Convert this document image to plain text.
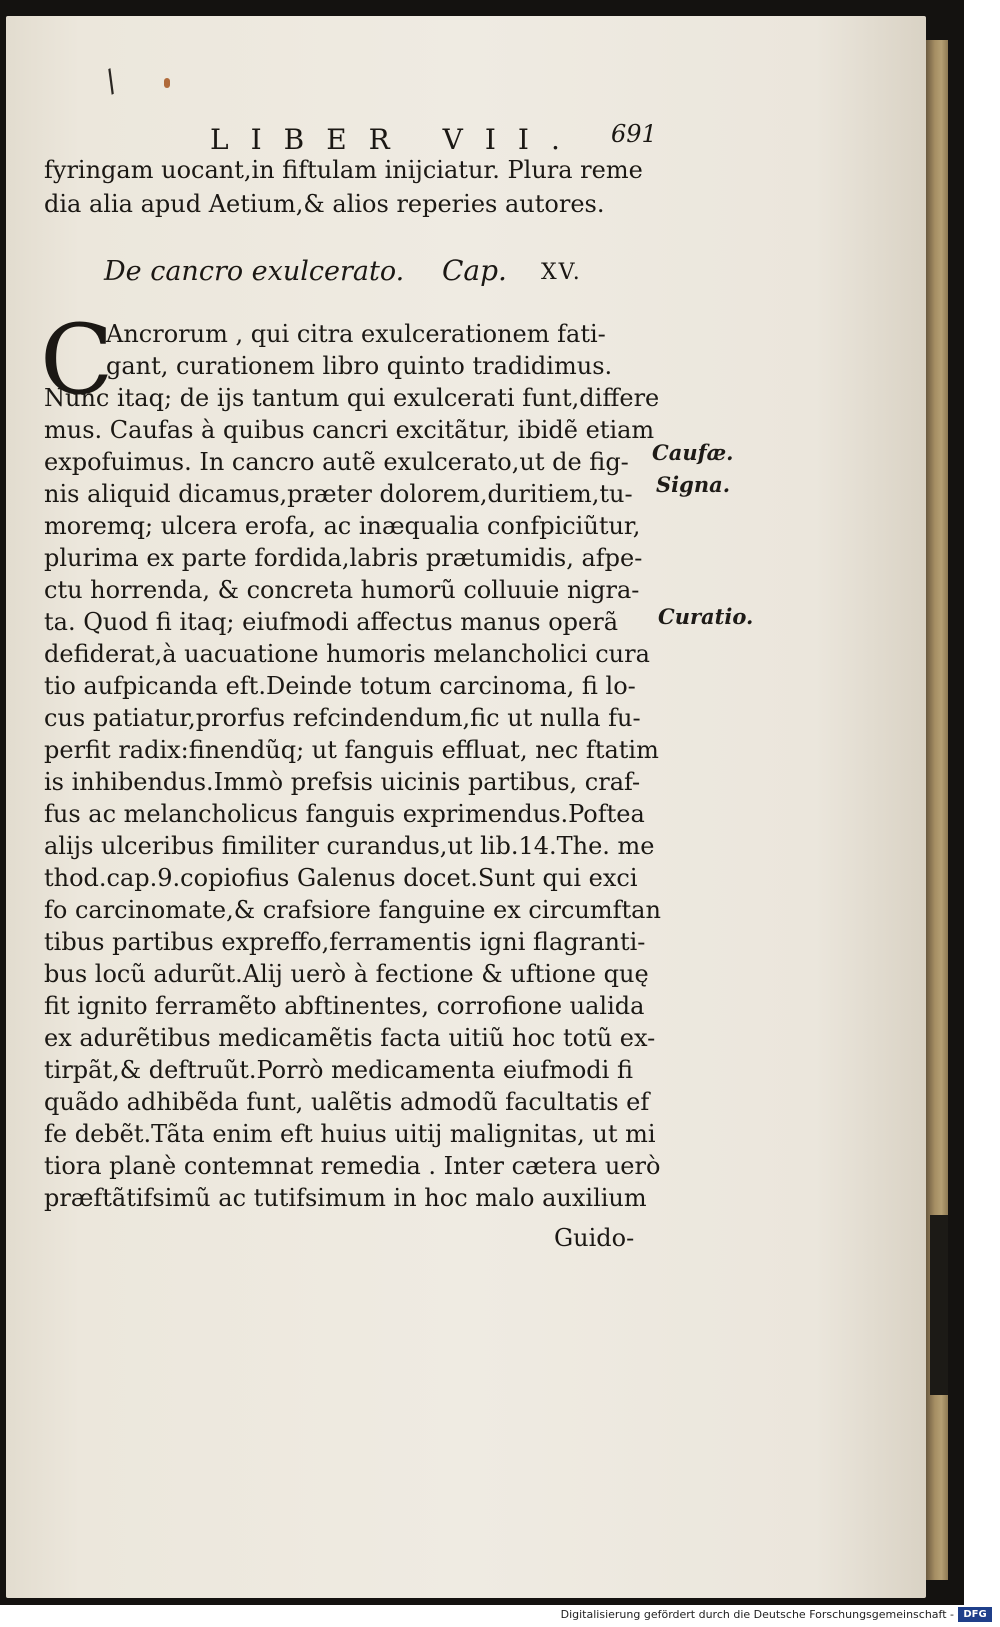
/
LIBER VII. 691
fyringam uocant,in fiftulam inijciatur. Plura reme
dia alia apud Aetium,& alios reperies autores.
De cancro exulcerato. Cap. XV.
C
Ancrorum , qui citra exulcerationem fati-
gant, curationem libro quinto tradidimus.
Nunc itaq; de ijs tantum qui exulcerati funt,differe
mus. Caufas à quibus cancri excitãtur, ibidẽ etiam
expofuimus. In cancro autẽ exulcerato,ut de fig-
nis aliquid dicamus,præter dolorem,duritiem,tu-
moremq; ulcera erofa, ac inæqualia confpiciũtur,
plurima ex parte fordida,labris prætumidis, afpe-
ctu horrenda, & concreta humorũ colluuie nigra-
ta. Quod fi itaq; eiufmodi affectus manus operã
defiderat,à uacuatione humoris melancholici cura
tio aufpicanda eft.Deinde totum carcinoma, fi lo-
cus patiatur,prorfus refcindendum,fic ut nulla fu-
perfit radix:finendũq; ut fanguis effluat, nec ftatim
is inhibendus.Immò prefsis uicinis partibus, craf-
fus ac melancholicus fanguis exprimendus.Poftea
alijs ulceribus fimiliter curandus,ut lib.14.The. me
thod.cap.9.copiofius Galenus docet.Sunt qui exci
fo carcinomate,& crafsiore fanguine ex circumftan
tibus partibus expreffo,ferramentis igni flagranti-
bus locũ adurũt.Alij uerò à fectione & uftione quę
fit ignito ferramẽto abftinentes, corrofione ualida
ex adurẽtibus medicamẽtis facta uitiũ hoc totũ ex-
tirpãt,& deftruũt.Porrò medicamenta eiufmodi fi
quãdo adhibẽda funt, ualẽtis admodũ facultatis ef
fe debẽt.Tãta enim eft huius uitij malignitas, ut mi
tiora planè contemnat remedia . Inter cætera uerò
præftãtifsimũ ac tutifsimum in hoc malo auxilium
Guido-
Caufæ.
Signa.
Curatio.
Digitalisierung gefördert durch die Deutsche Forschungsgemeinschaft - DFG
